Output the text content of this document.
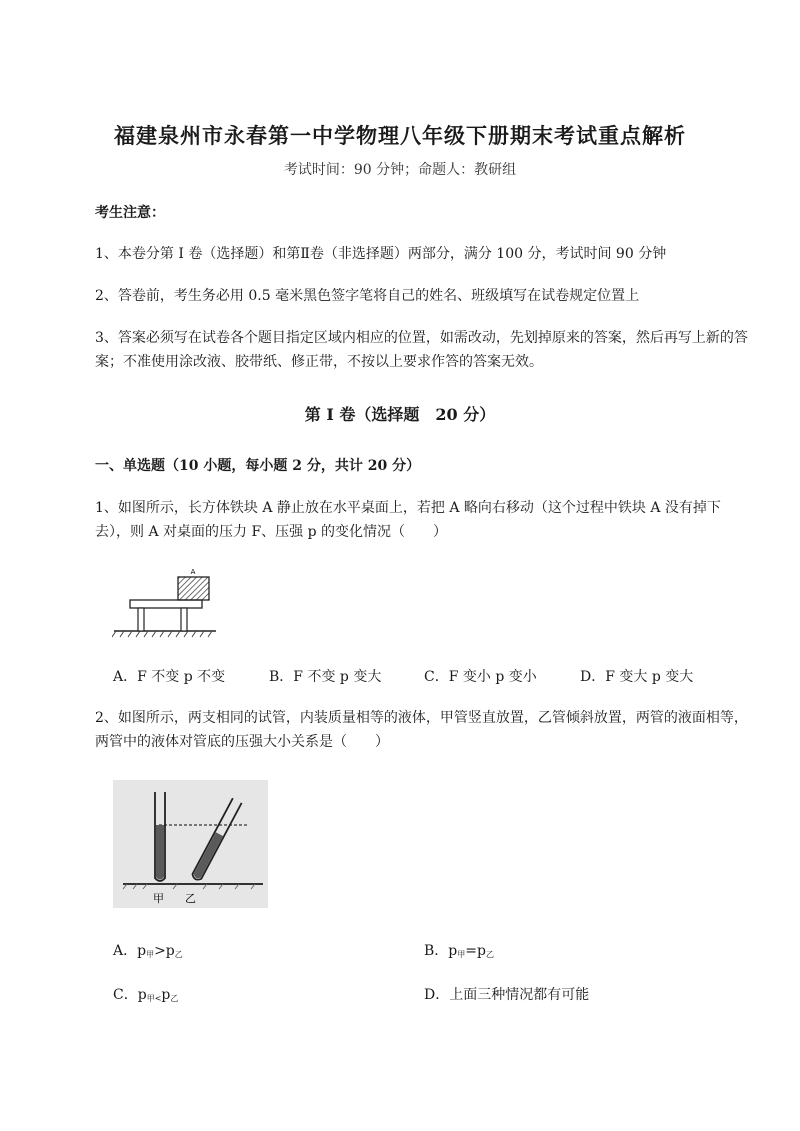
福建泉州市永春第一中学物理八年级下册期末考试重点解析
考试时间：90 分钟；命题人：教研组
考生注意：
1、本卷分第 I 卷（选择题）和第Ⅱ卷（非选择题）两部分，满分 100 分，考试时间 90 分钟
2、答卷前，考生务必用 0.5 毫米黑色签字笔将自己的姓名、班级填写在试卷规定位置上
3、答案必须写在试卷各个题目指定区域内相应的位置，如需改动，先划掉原来的答案，然后再写上新的答案；不准使用涂改液、胶带纸、修正带，不按以上要求作答的答案无效。
第 I 卷（选择题　20 分）
一、单选题（10 小题，每小题 2 分，共计 20 分）
1、如图所示，长方体铁块 A 静止放在水平桌面上，若把 A 略向右移动（这个过程中铁块 A 没有掉下去），则 A 对桌面的压力 F、压强 p 的变化情况（　　）
A
A．F 不变 p 不变	B．F 不变 p 变大	C．F 变小 p 变小	D．F 变大 p 变大
2、如图所示，两支相同的试管，内装质量相等的液体，甲管竖直放置，乙管倾斜放置，两管的液面相等，两管中的液体对管底的压强大小关系是（　　）
甲 乙
A．$p_甲>p_乙$	B．$p_甲=p_乙$
C．$p_{甲<}p_乙$	D．上面三种情况都有可能
